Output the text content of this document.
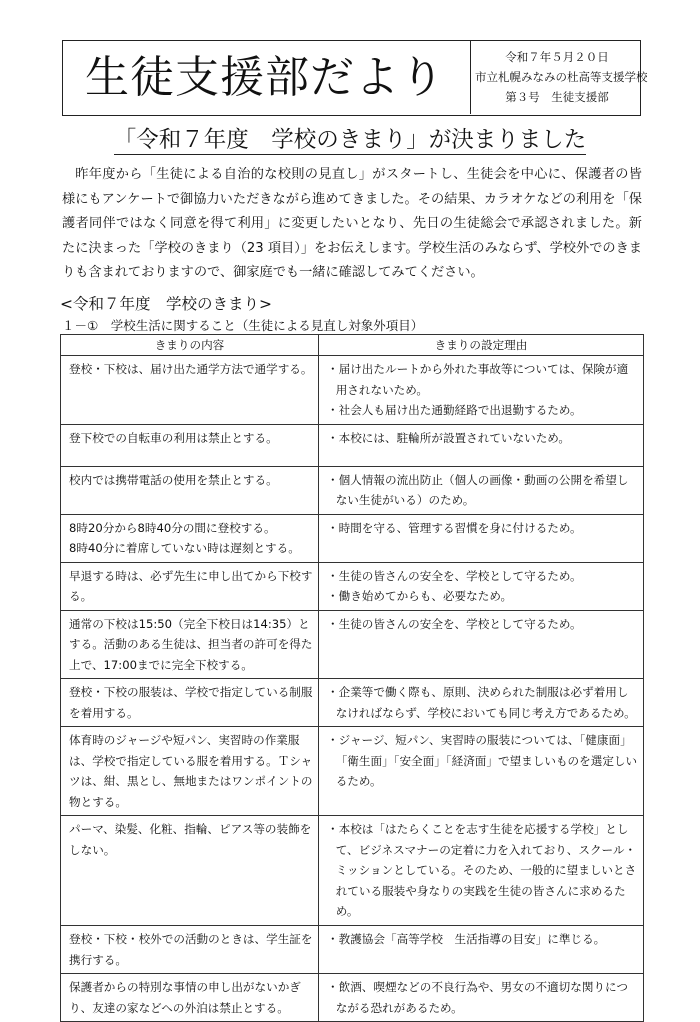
生徒支援部だより	令和７年５月２０日
市立札幌みなみの杜高等支援学校
第３号　生徒支援部
「令和７年度　学校のきまり」が決まりました

昨年度から「生徒による自治的な校則の見直し」がスタートし、生徒会を中心に、保護者の皆様にもアンケートで御協力いただきながら進めてきました。その結果、カラオケなどの利用を「保護者同伴ではなく同意を得て利用」に変更したいとなり、先日の生徒総会で承認されました。新たに決まった「学校のきまり（23 項目）」をお伝えします。学校生活のみならず、学校外でのきまりも含まれておりますので、御家庭でも一緒に確認してみてください。

<令和７年度　学校のきまり>
１－①　学校生活に関すること（生徒による見直し対象外項目）
きまりの内容	きまりの設定理由

登校・下校は、届け出た通学方法で通学する。	・届け出たルートから外れた事故等については、保険が適用されないため。
・社会人も届け出た通勤経路で出退勤するため。

登下校での自転車の利用は禁止とする。	・本校には、駐輪所が設置されていないため。

校内では携帯電話の使用を禁止とする。	・個人情報の流出防止（個人の画像・動画の公開を希望しない生徒がいる）のため。

8時20分から8時40分の間に登校する。
8時40分に着席していない時は遅刻とする。	・時間を守る、管理する習慣を身に付けるため。

早退する時は、必ず先生に申し出てから下校する。	・生徒の皆さんの安全を、学校として守るため。
・働き始めてからも、必要なため。

通常の下校は15:50（完全下校日は14:35）とする。活動のある生徒は、担当者の許可を得た上で、17:00までに完全下校する。	・生徒の皆さんの安全を、学校として守るため。

登校・下校の服装は、学校で指定している制服を着用する。	・企業等で働く際も、原則、決められた制服は必ず着用しなければならず、学校においても同じ考え方であるため。

体育時のジャージや短パン、実習時の作業服は、学校で指定している服を着用する。Ｔシャツは、紺、黒とし、無地またはワンポイントの物とする。	・ジャージ、短パン、実習時の服装については、「健康面」「衛生面」「安全面」「経済面」で望ましいものを選定しいるため。

パーマ、染髪、化粧、指輪、ピアス等の装飾をしない。	・本校は「はたらくことを志す生徒を応援する学校」として、ビジネスマナーの定着に力を入れており、スクール・ミッションとしている。そのため、一般的に望ましいとされている服装や身なりの実践を生徒の皆さんに求めるため。

登校・下校・校外での活動のときは、学生証を携行する。	・教護協会「高等学校　生活指導の目安」に準じる。

保護者からの特別な事情の申し出がないかぎり、友達の家などへの外泊は禁止とする。	・飲酒、喫煙などの不良行為や、男女の不適切な関りにつながる恐れがあるため。
